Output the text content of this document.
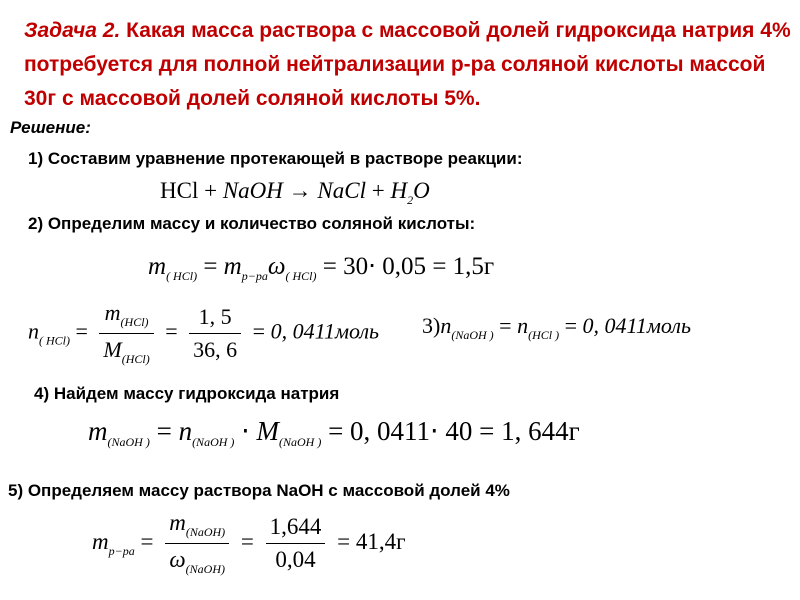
Задача 2. Какая масса раствора с массовой долей гидроксида натрия 4% потребуется для полной нейтрализации р-ра соляной кислоты массой 30г с массовой долей соляной кислоты 5%.
Решение:
1) Составим уравнение протекающей в растворе реакции:
HCl + NaOH → NaCl + $H_2O$
2) Определим массу и количество соляной кислоты:
$m_{( HCl)} = m_{р-ра}\omega_{( HCl)} = 30\cdot 0,05 = 1,5г$
$n_{( HCl)} = \frac{m_{(HCl)}}{M_{(HCl)}} = \frac{1, 5}{36, 6} = 0$, 0411моль $3)n_{(NaOH )} = n_{(HCl )} = 0$, 0411моль
4) Найдем массу гидроксида натрия
$m_{(NaOH )} = n_{(NaOH )} \cdot M_{(NaOH )} = 0$, 0411⋅ 40 = 1, 644г
5) Определяем массу раствора NaOH с массовой долей 4%
$m_{р-ра} = \frac{m_{(NaOH)}}{\omega_{(NaOH)}} = \frac{1,644}{0,04} = 41,4г$
